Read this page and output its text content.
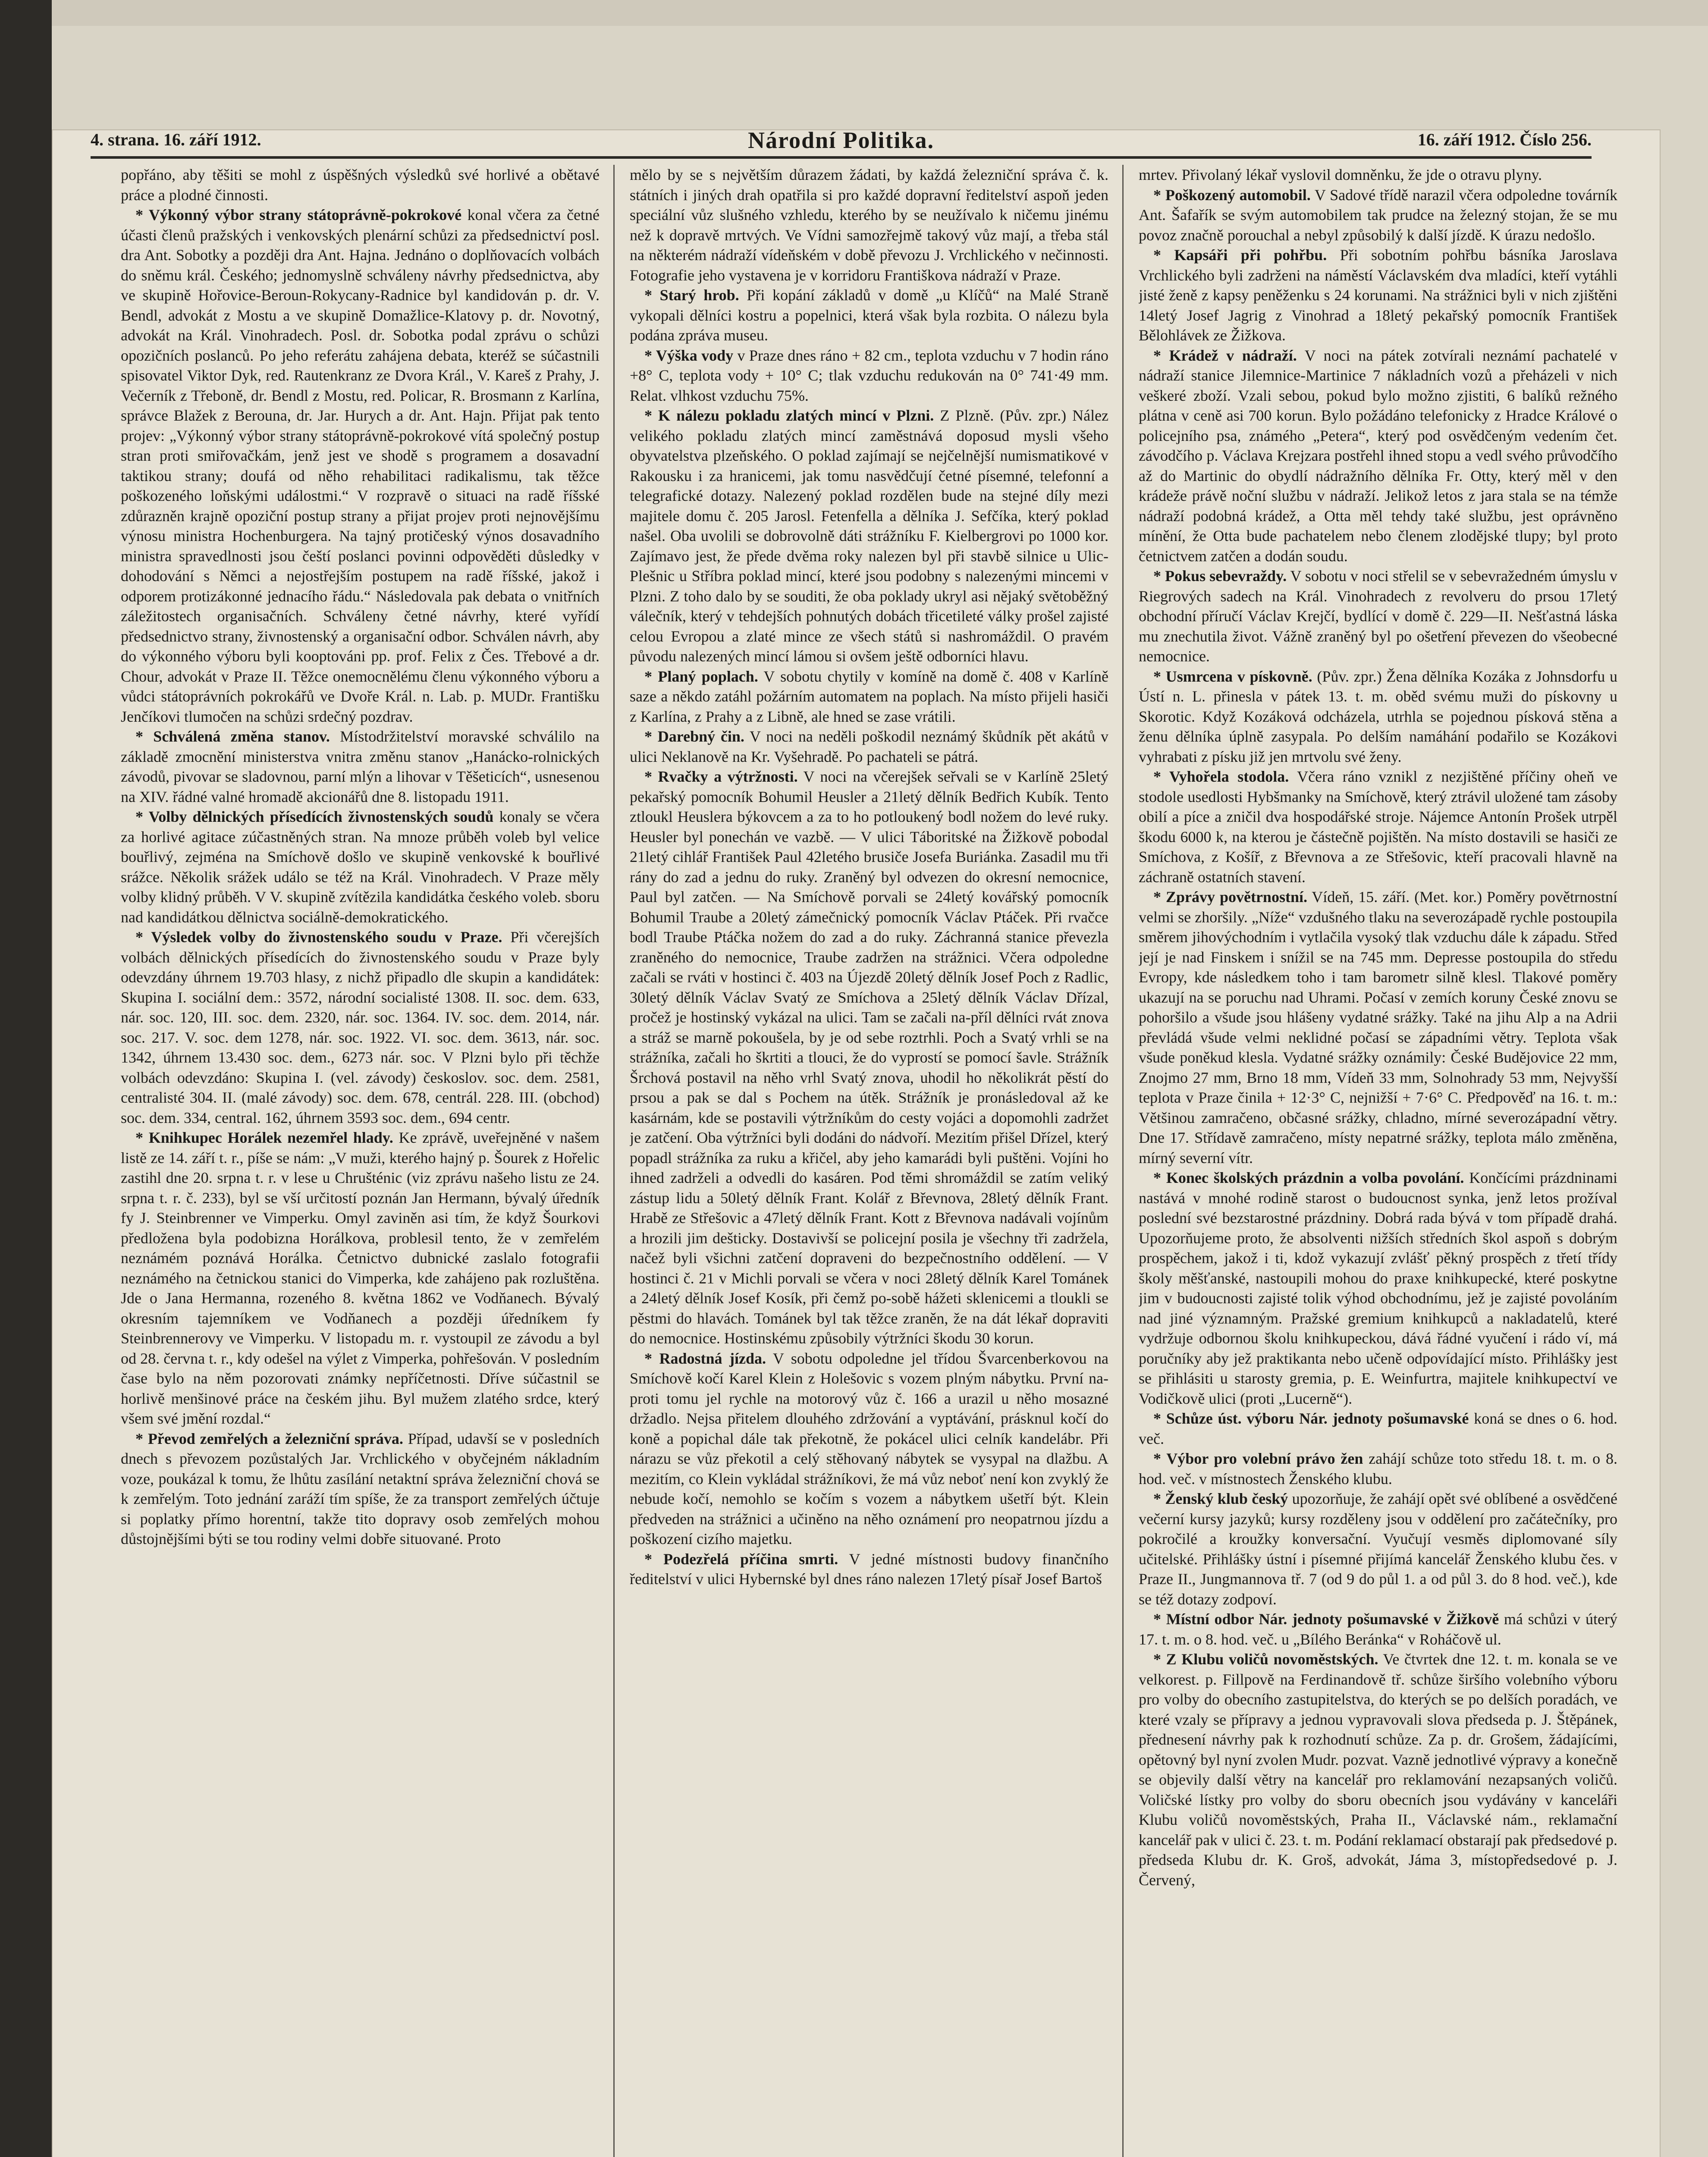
4. strana. 16. září 1912.	Národní Politika.	16. září 1912. Číslo 256.

popřáno, aby těšiti se mohl z úspěšných výsledků své horlivé a obětavé práce a plodné činnosti.

* Výkonný výbor strany státoprávně-pokrokové konal včera za četné účasti členů pražských i venkovských plenární schůzi za předsednictví posl. dra Ant. Sobotky a později dra Ant. Hajna. Jednáno o doplňovacích volbách do sněmu král. Českého; jednomyslně schváleny návrhy předsednictva, aby ve skupině Hořovice-Beroun-Rokycany-Radnice byl kandidován p. dr. V. Bendl, advokát z Mostu a ve skupině Domažlice-Klatovy p. dr. Novotný, advokát na Král. Vinohradech. Posl. dr. Sobotka podal zprávu o schůzi opozičních poslanců. Po jeho referátu zahájena debata, kteréž se súčastnili spisovatel Viktor Dyk, red. Rautenkranz ze Dvora Král., V. Kareš z Prahy, J. Večerník z Třeboně, dr. Bendl z Mostu, red. Policar, R. Brosmann z Karlína, správce Blažek z Berouna, dr. Jar. Hurych a dr. Ant. Hajn. Přijat pak tento projev: „Výkonný výbor strany státoprávně-pokrokové vítá společný postup stran proti smiřovačkám, jenž jest ve shodě s programem a dosavadní taktikou strany; doufá od něho rehabilitaci radikalismu, tak těžce poškozeného loňskými událostmi.“ V rozpravě o situaci na radě říšské zdůrazněn krajně opoziční postup strany a přijat projev proti nejnovějšímu výnosu ministra Hochenburgera. Na tajný protičeský výnos dosavadního ministra spravedlnosti jsou čeští poslanci povinni odpověděti důsledky v dohodování s Němci a nejostřejším postupem na radě říšské, jakož i odporem protizákonné jednacího řádu.“ Následovala pak debata o vnitřních záležitostech organisačních. Schváleny četné návrhy, které vyřídí předsednictvo strany, živnostenský a organisační odbor. Schválen návrh, aby do výkonného výboru byli kooptováni pp. prof. Felix z Čes. Třebové a dr. Chour, advokát v Praze II. Těžce onemocnělému členu výkonného výboru a vůdci státoprávních pokrokářů ve Dvoře Král. n. Lab. p. MUDr. Františku Jenčíkovi tlumočen na schůzi srdečný pozdrav.

* Schválená změna stanov. Místodržitelství moravské schválilo na základě zmocnění ministerstva vnitra změnu stanov „Hanácko-rolnických závodů, pivovar se sladovnou, parní mlýn a lihovar v Těšeticích“, usnesenou na XIV. řádné valné hromadě akcionářů dne 8. listopadu 1911.

* Volby dělnických přísedících živnostenských soudů konaly se včera za horlivé agitace zúčastněných stran. Na mnoze průběh voleb byl velice bouřlivý, zejména na Smíchově došlo ve skupině venkovské k bouřlivé srážce. Několik srážek událo se též na Král. Vinohradech. V Praze měly volby klidný průběh. V V. skupině zvítězila kandidátka českého voleb. sboru nad kandidátkou dělnictva sociálně-demokratického.

* Výsledek volby do živnostenského soudu v Praze. Při včerejších volbách dělnických přísedících do živnostenského soudu v Praze byly odevzdány úhrnem 19.703 hlasy, z nichž připadlo dle skupin a kandidátek: Skupina I. sociální dem.: 3572, národní socialisté 1308. II. soc. dem. 633, nár. soc. 120, III. soc. dem. 2320, nár. soc. 1364. IV. soc. dem. 2014, nár. soc. 217. V. soc. dem 1278, nár. soc. 1922. VI. soc. dem. 3613, nár. soc. 1342, úhrnem 13.430 soc. dem., 6273 nár. soc. V Plzni bylo při těchže volbách odevzdáno: Skupina I. (vel. závody) českoslov. soc. dem. 2581, centralisté 304. II. (malé závody) soc. dem. 678, centrál. 228. III. (obchod) soc. dem. 334, central. 162, úhrnem 3593 soc. dem., 694 centr.

* Knihkupec Horálek nezemřel hlady. Ke zprávě, uveřejněné v našem listě ze 14. září t. r., píše se nám: „V muži, kterého hajný p. Šourek z Hořelic zastihl dne 20. srpna t. r. v lese u Chrušténic (viz zprávu našeho listu ze 24. srpna t. r. č. 233), byl se vší určitostí poznán Jan Hermann, bývalý úředník fy J. Steinbrenner ve Vimperku. Omyl zaviněn asi tím, že když Šourkovi předložena byla podobizna Horálkova, problesil tento, že v zemřelém neznámém poznává Horálka. Četnictvo dubnické zaslalo fotografii neznámého na četnickou stanici do Vimperka, kde zahájeno pak rozluštěna. Jde o Jana Hermanna, rozeného 8. května 1862 ve Vodňanech. Bývalý okresním tajemníkem ve Vodňanech a později úředníkem fy Steinbrennerovy ve Vimperku. V listopadu m. r. vystoupil ze závodu a byl od 28. června t. r., kdy odešel na výlet z Vimperka, pohřešován. V posledním čase bylo na něm pozorovati známky nepříčetnosti. Dříve súčastnil se horlivě menšinové práce na českém jihu. Byl mužem zlatého srdce, který všem své jmění rozdal.“

* Převod zemřelých a železniční správa. Případ, udavší se v posledních dnech s převozem pozůstalých Jar. Vrchlického v obyčejném nákladním voze, poukázal k tomu, že lhůtu zasílání netaktní správa železniční chová se k zemřelým. Toto jednání zaráží tím spíše, že za transport zemřelých účtuje si poplatky přímo horentní, takže tito dopravy osob zemřelých mohou důstojnějšími býti se tou rodiny velmi dobře situované. Proto

mělo by se s největším důrazem žádati, by každá železniční správa č. k. státních i jiných drah opatřila si pro každé dopravní ředitelství aspoň jeden speciální vůz slušného vzhledu, kterého by se neužívalo k ničemu jinému než k dopravě mrtvých. Ve Vídni samozřejmě takový vůz mají, a třeba stál na některém nádraží vídeňském v době převozu J. Vrchlického v nečinnosti. Fotografie jeho vystavena je v korridoru Františkova nádraží v Praze.

* Starý hrob. Při kopání základů v domě „u Klíčů“ na Malé Straně vykopali dělníci kostru a popelnici, která však byla rozbita. O nálezu byla podána zpráva museu.

* Výška vody v Praze dnes ráno + 82 cm., teplota vzduchu v 7 hodin ráno +8° C, teplota vody + 10° C; tlak vzduchu redukován na 0° 741·49 mm. Relat. vlhkost vzduchu 75%.

* K nálezu pokladu zlatých mincí v Plzni. Z Plzně. (Pův. zpr.) Nález velikého pokladu zlatých mincí zaměstnává doposud mysli všeho obyvatelstva plzeňského. O poklad zajímají se nejčelnější numismatikové v Rakousku i za hranicemi, jak tomu nasvědčují četné písemné, telefonní a telegrafické dotazy. Nalezený poklad rozdělen bude na stejné díly mezi majitele domu č. 205 Jarosl. Fetenfella a dělníka J. Sefčíka, který poklad našel. Oba uvolili se dobrovolně dáti strážníku F. Kielbergrovi po 1000 kor. Zajímavo jest, že přede dvěma roky nalezen byl při stavbě silnice u Ulic-Plešnic u Stříbra poklad mincí, které jsou podobny s nalezenými mincemi v Plzni. Z toho dalo by se souditi, že oba poklady ukryl asi nějaký světoběžný válečník, který v tehdejších pohnutých dobách třicetileté války prošel zajisté celou Evropou a zlaté mince ze všech států si nashromáždil. O pravém původu nalezených mincí lámou si ovšem ještě odborníci hlavu.

* Planý poplach. V sobotu chytily v komíně na domě č. 408 v Karlíně saze a někdo zatáhl požárním automatem na poplach. Na místo přijeli hasiči z Karlína, z Prahy a z Libně, ale hned se zase vrátili.

* Darebný čin. V noci na neděli poškodil neznámý škůdník pět akátů v ulici Neklanově na Kr. Vyšehradě. Po pachateli se pátrá.

* Rvačky a výtržnosti. V noci na včerejšek seřvali se v Karlíně 25letý pekařský pomocník Bohumil Heusler a 21letý dělník Bedřich Kubík. Tento ztloukl Heuslera býkovcem a za to ho potloukený bodl nožem do levé ruky. Heusler byl ponechán ve vazbě. — V ulici Táboritské na Žižkově pobodal 21letý cihlář František Paul 42letého brusiče Josefa Buriánka. Zasadil mu tři rány do zad a jednu do ruky. Zraněný byl odvezen do okresní nemocnice, Paul byl zatčen. — Na Smíchově porvali se 24letý kovářský pomocník Bohumil Traube a 20letý zámečnický pomocník Václav Ptáček. Při rvačce bodl Traube Ptáčka nožem do zad a do ruky. Záchranná stanice převezla zraněného do nemocnice, Traube zadržen na strážnici. Včera odpoledne začali se rváti v hostinci č. 403 na Újezdě 20letý dělník Josef Poch z Radlic, 30letý dělník Václav Svatý ze Smíchova a 25letý dělník Václav Dřízal, pročež je hostinský vykázal na ulici. Tam se začali na-příl dělníci rvát znova a stráž se marně pokoušela, by je od sebe roztrhli. Poch a Svatý vrhli se na strážníka, začali ho škrtiti a tlouci, že do vyprostí se pomocí šavle. Strážník Šrchová postavil na něho vrhl Svatý znova, uhodil ho několikrát pěstí do prsou a pak se dal s Pochem na útěk. Strážník je pronásledoval až ke kasárnám, kde se postavili výtržníkům do cesty vojáci a dopomohli zadržet je zatčení. Oba výtržníci byli dodáni do nádvoří. Mezitím přišel Dřízel, který popadl strážníka za ruku a křičel, aby jeho kamarádi byli puštěni. Vojíni ho ihned zadrželi a odvedli do kasáren. Pod těmi shromáždil se zatím veliký zástup lidu a 50letý dělník Frant. Kolář z Břevnova, 28letý dělník Frant. Hrabě ze Střešovic a 47letý dělník Frant. Kott z Břevnova nadávali vojínům a hrozili jim dešticky. Dostavivší se policejní posila je všechny tři zadržela, načež byli všichni zatčení dopraveni do bezpečnostního oddělení. — V hostinci č. 21 v Michli porvali se včera v noci 28letý dělník Karel Tománek a 24letý dělník Josef Kosík, při čemž po-sobě hážeti sklenicemi a tloukli se pěstmi do hlavách. Tománek byl tak těžce zraněn, že na dát lékař dopraviti do nemocnice. Hostinskému způsobily výtržníci škodu 30 korun.

* Radostná jízda. V sobotu odpoledne jel třídou Švarcenberkovou na Smíchově kočí Karel Klein z Holešovic s vozem plným nábytku. První na-proti tomu jel rychle na motorový vůz č. 166 a urazil u něho mosazné držadlo. Nejsa přitelem dlouhého zdržování a vyptávání, prásknul kočí do koně a popichal dále tak překotně, že pokácel ulici celník kandelábr. Při nárazu se vůz překotil a celý stěhovaný nábytek se vysypal na dlažbu. A mezitím, co Klein vykládal strážníkovi, že má vůz neboť není kon zvyklý že nebude kočí, nemohlo se kočím s vozem a nábytkem ušetří být. Klein předveden na strážnici a učiněno na něho oznámení pro neopatrnou jízdu a poškození cizího majetku.

* Podezřelá příčina smrti. V jedné místnosti budovy finančního ředitelství v ulici Hybernské byl dnes ráno nalezen 17letý písař Josef Bartoš

mrtev. Přivolaný lékař vyslovil domněnku, že jde o otravu plyny.

* Poškozený automobil. V Sadové třídě narazil včera odpoledne továrník Ant. Šafařík se svým automobilem tak prudce na železný stojan, že se mu povoz značně porouchal a nebyl způsobilý k další jízdě. K úrazu nedošlo.

* Kapsáři při pohřbu. Při sobotním pohřbu básníka Jaroslava Vrchlického byli zadrženi na náměstí Václavském dva mladíci, kteří vytáhli jisté ženě z kapsy peněženku s 24 korunami. Na strážnici byli v nich zjištěni 14letý Josef Jagrig z Vinohrad a 18letý pekařský pomocník František Bělohlávek ze Žižkova.

* Krádež v nádraží. V noci na pátek zotvírali neznámí pachatelé v nádraží stanice Jilemnice-Martinice 7 nákladních vozů a přeházeli v nich veškeré zboží. Vzali sebou, pokud bylo možno zjistiti, 6 balíků režného plátna v ceně asi 700 korun. Bylo požádáno telefonicky z Hradce Králové o policejního psa, známého „Petera“, který pod osvědčeným vedením čet. závodčího p. Václava Krejzara postřehl ihned stopu a vedl svého průvodčího až do Martinic do obydlí nádražního dělníka Fr. Otty, který měl v den krádeže právě noční službu v nádraží. Jelikož letos z jara stala se na témže nádraží podobná krádež, a Otta měl tehdy také službu, jest oprávněno mínění, že Otta bude pachatelem nebo členem zlodějské tlupy; byl proto četnictvem zatčen a dodán soudu.

* Pokus sebevraždy. V sobotu v noci střelil se v sebevražedném úmyslu v Riegrových sadech na Král. Vinohradech z revolveru do prsou 17letý obchodní příručí Václav Krejčí, bydlící v domě č. 229—II. Nešťastná láska mu znechutila život. Vážně zraněný byl po ošetření převezen do všeobecné nemocnice.

* Usmrcena v pískovně. (Pův. zpr.) Žena dělníka Kozáka z Johnsdorfu u Ústí n. L. přinesla v pátek 13. t. m. oběd svému muži do pískovny u Skorotic. Když Kozáková odcházela, utrhla se pojednou písková stěna a ženu dělníka úplně zasypala. Po delším namáhání podařilo se Kozákovi vyhrabati z písku již jen mrtvolu své ženy.

* Vyhořela stodola. Včera ráno vznikl z nezjištěné příčiny oheň ve stodole usedlosti Hybšmanky na Smíchově, který ztrávil uložené tam zásoby obilí a píce a zničil dva hospodářské stroje. Nájemce Antonín Prošek utrpěl škodu 6000 k, na kterou je částečně pojištěn. Na místo dostavili se hasiči ze Smíchova, z Košíř, z Břevnova a ze Střešovic, kteří pracovali hlavně na záchraně ostatních stavení.

* Zprávy povětrnostní. Vídeň, 15. září. (Met. kor.) Poměry povětrnostní velmi se zhoršily. „Níže“ vzdušného tlaku na severozápadě rychle postoupila směrem jihovýchodním i vytlačila vysoký tlak vzduchu dále k západu. Střed její je nad Finskem i snížil se na 745 mm. Depresse postoupila do středu Evropy, kde následkem toho i tam barometr silně klesl. Tlakové poměry ukazují na se poruchu nad Uhrami. Počasí v zemích koruny České znovu se pohoršilo a všude jsou hlášeny vydatné srážky. Také na jihu Alp a na Adrii převládá všude velmi neklidné počasí se západními větry. Teplota však všude poněkud klesla. Vydatné srážky oznámily: České Budějovice 22 mm, Znojmo 27 mm, Brno 18 mm, Vídeň 33 mm, Solnohrady 53 mm, Nejvyšší teplota v Praze činila + 12·3° C, nejnižší + 7·6° C. Předpověď na 16. t. m.: Většinou zamračeno, občasné srážky, chladno, mírné severozápadní větry. Dne 17. Střídavě zamračeno, místy nepatrné srážky, teplota málo změněna, mírný severní vítr.

* Konec školských prázdnin a volba povolání. Končícími prázdninami nastává v mnohé rodině starost o budoucnost synka, jenž letos prožíval poslední své bezstarostné prázdniny. Dobrá rada bývá v tom případě drahá. Upozorňujeme proto, že absolventi nižších středních škol aspoň s dobrým prospěchem, jakož i ti, kdož vykazují zvlášť pěkný prospěch z třetí třídy školy měšťanské, nastoupili mohou do praxe knihkupecké, které poskytne jim v budoucnosti zajisté tolik výhod obchodnímu, jež je zajisté povoláním nad jiné významným. Pražské gremium knihkupců a nakladatelů, které vydržuje odbornou školu knihkupeckou, dává řádné vyučení i rádo ví, má poručníky aby jež praktikanta nebo učeně odpovídající místo. Přihlášky jest se přihlásiti u starosty gremia, p. E. Weinfurtra, majitele knihkupectví ve Vodičkově ulici (proti „Lucerně“).

* Schůze úst. výboru Nár. jednoty pošumavské koná se dnes o 6. hod. več.

* Výbor pro volební právo žen zahájí schůze toto středu 18. t. m. o 8. hod. več. v místnostech Ženského klubu.

* Ženský klub český upozorňuje, že zahájí opět své oblíbené a osvědčené večerní kursy jazyků; kursy rozděleny jsou v oddělení pro začátečníky, pro pokročilé a kroužky konversační. Vyučují vesměs diplomované síly učitelské. Přihlášky ústní i písemné přijímá kancelář Ženského klubu čes. v Praze II., Jungmannova tř. 7 (od 9 do půl 1. a od půl 3. do 8 hod. več.), kde se též dotazy zodpoví.

* Místní odbor Nár. jednoty pošumavské v Žižkově má schůzi v úterý 17. t. m. o 8. hod. več. u „Bílého Beránka“ v Roháčově ul.

* Z Klubu voličů novoměstských. Ve čtvrtek dne 12. t. m. konala se ve velkorest. p. Fillpově na Ferdinandově tř. schůze širšího volebního výboru pro volby do obecního zastupitelstva, do kterých se po delších poradách, ve které vzaly se přípravy a jednou vypravovali slova předseda p. J. Štěpánek, přednesení návrhy pak k rozhodnutí schůze. Za p. dr. Grošem, žádajícími, opětovný byl nyní zvolen Mudr. pozvat. Vazně jednotlivé výpravy a konečně se objevily další větry na kancelář pro reklamování nezapsaných voličů. Voličské lístky pro volby do sboru obecních jsou vydávány v kanceláři Klubu voličů novoměstských, Praha II., Václavské nám., reklamační kancelář pak v ulici č. 23. t. m. Podání reklamací obstarají pak předsedové p. předseda Klubu dr. K. Groš, advokát, Jáma 3, místopředsedové p. J. Červený,
